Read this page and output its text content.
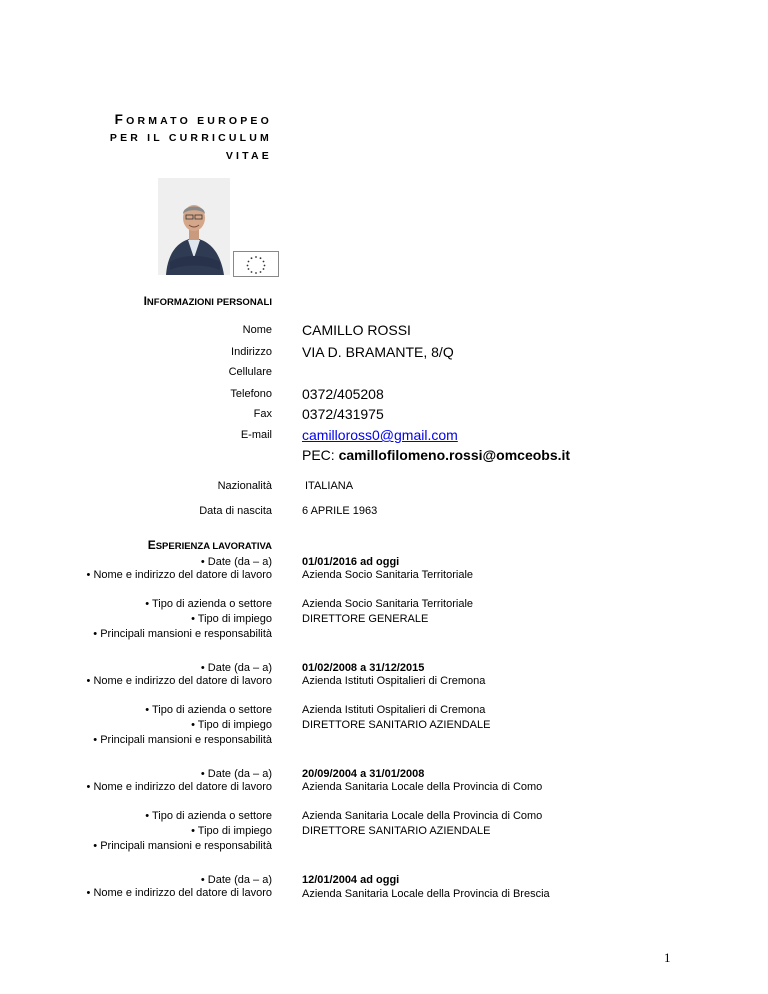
FORMATO EUROPEO
PER IL CURRICULUM
VITAE
INFORMAZIONI PERSONALI
Nome CAMILLO ROSSI
Indirizzo VIA D. BRAMANTE, 8/Q
Cellulare
Telefono 0372/405208
Fax 0372/431975
E-mail camilloross0@gmail.com
PEC: camillofilomeno.rossi@omceobs.it
Nazionalità	ITALIANA
Data di nascita	6 APRILE 1963
ESPERIENZA LAVORATIVA
• Date (da – a)
• Nome e indirizzo del datore di lavoro
• Tipo di azienda o settore
• Tipo di impiego
• Principali mansioni e responsabilità
01/01/2016 ad oggi
Azienda Socio Sanitaria Territoriale
Azienda Socio Sanitaria Territoriale
DIRETTORE GENERALE
• Date (da – a)
• Nome e indirizzo del datore di lavoro
• Tipo di azienda o settore
• Tipo di impiego
• Principali mansioni e responsabilità
01/02/2008 a 31/12/2015
Azienda Istituti Ospitalieri di Cremona
Azienda Istituti Ospitalieri di Cremona
DIRETTORE SANITARIO AZIENDALE
• Date (da – a)
• Nome e indirizzo del datore di lavoro
• Tipo di azienda o settore
• Tipo di impiego
• Principali mansioni e responsabilità
20/09/2004 a 31/01/2008
Azienda Sanitaria Locale della Provincia di Como
Azienda Sanitaria Locale della Provincia di Como
DIRETTORE SANITARIO AZIENDALE
• Date (da – a)
• Nome e indirizzo del datore di lavoro
12/01/2004 ad oggi
Azienda Sanitaria Locale della Provincia di Brescia
1
